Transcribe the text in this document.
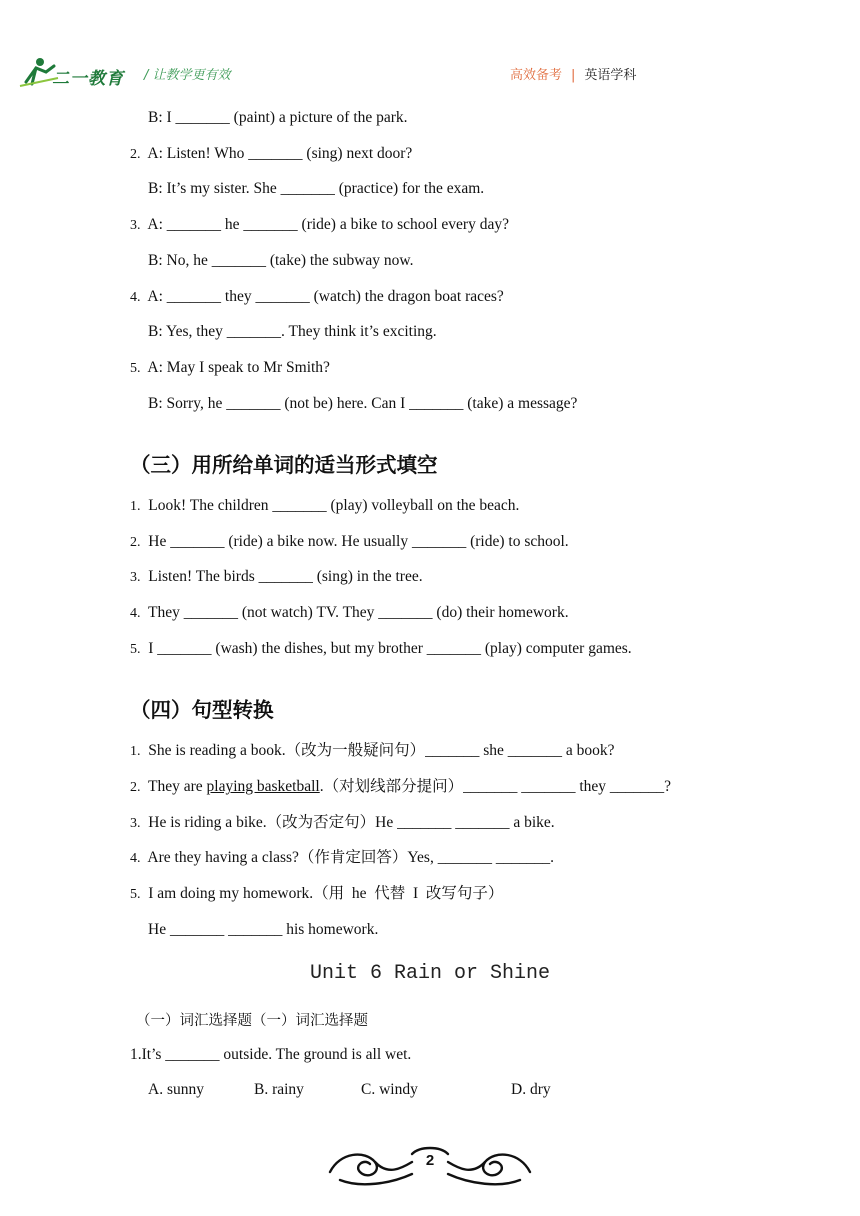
二一教育 / 让教学更有效	高效备考 | 英语学科
B: I _______ (paint) a picture of the park.
2. A: Listen! Who _______ (sing) next door?
B: It’s my sister. She _______ (practice) for the exam.
3. A: _______ he _______ (ride) a bike to school every day?
B: No, he _______ (take) the subway now.
4. A: _______ they _______ (watch) the dragon boat races?
B: Yes, they _______. They think it’s exciting.
5. A: May I speak to Mr Smith?
B: Sorry, he _______ (not be) here. Can I _______ (take) a message?
（三）用所给单词的适当形式填空
1. Look! The children _______ (play) volleyball on the beach.
2. He _______ (ride) a bike now. He usually _______ (ride) to school.
3. Listen! The birds _______ (sing) in the tree.
4. They _______ (not watch) TV. They _______ (do) their homework.
5. I _______ (wash) the dishes, but my brother _______ (play) computer games.
（四）句型转换
1. She is reading a book.（改为一般疑问句）_______ she _______ a book?
2. They are playing basketball.（对划线部分提问）_______ _______ they _______?
3. He is riding a bike.（改为否定句）He _______ _______ a bike.
4. Are they having a class?（作肯定回答）Yes, _______ _______.
5. I am doing my homework.（用  he  代替  I  改写句子）
He _______ _______ his homework.
Unit 6 Rain or Shine
（一）词汇选择题（一）词汇选择题
1.It’s _______ outside. The ground is all wet.
A. sunny	B. rainy	C. windy	D. dry
2
